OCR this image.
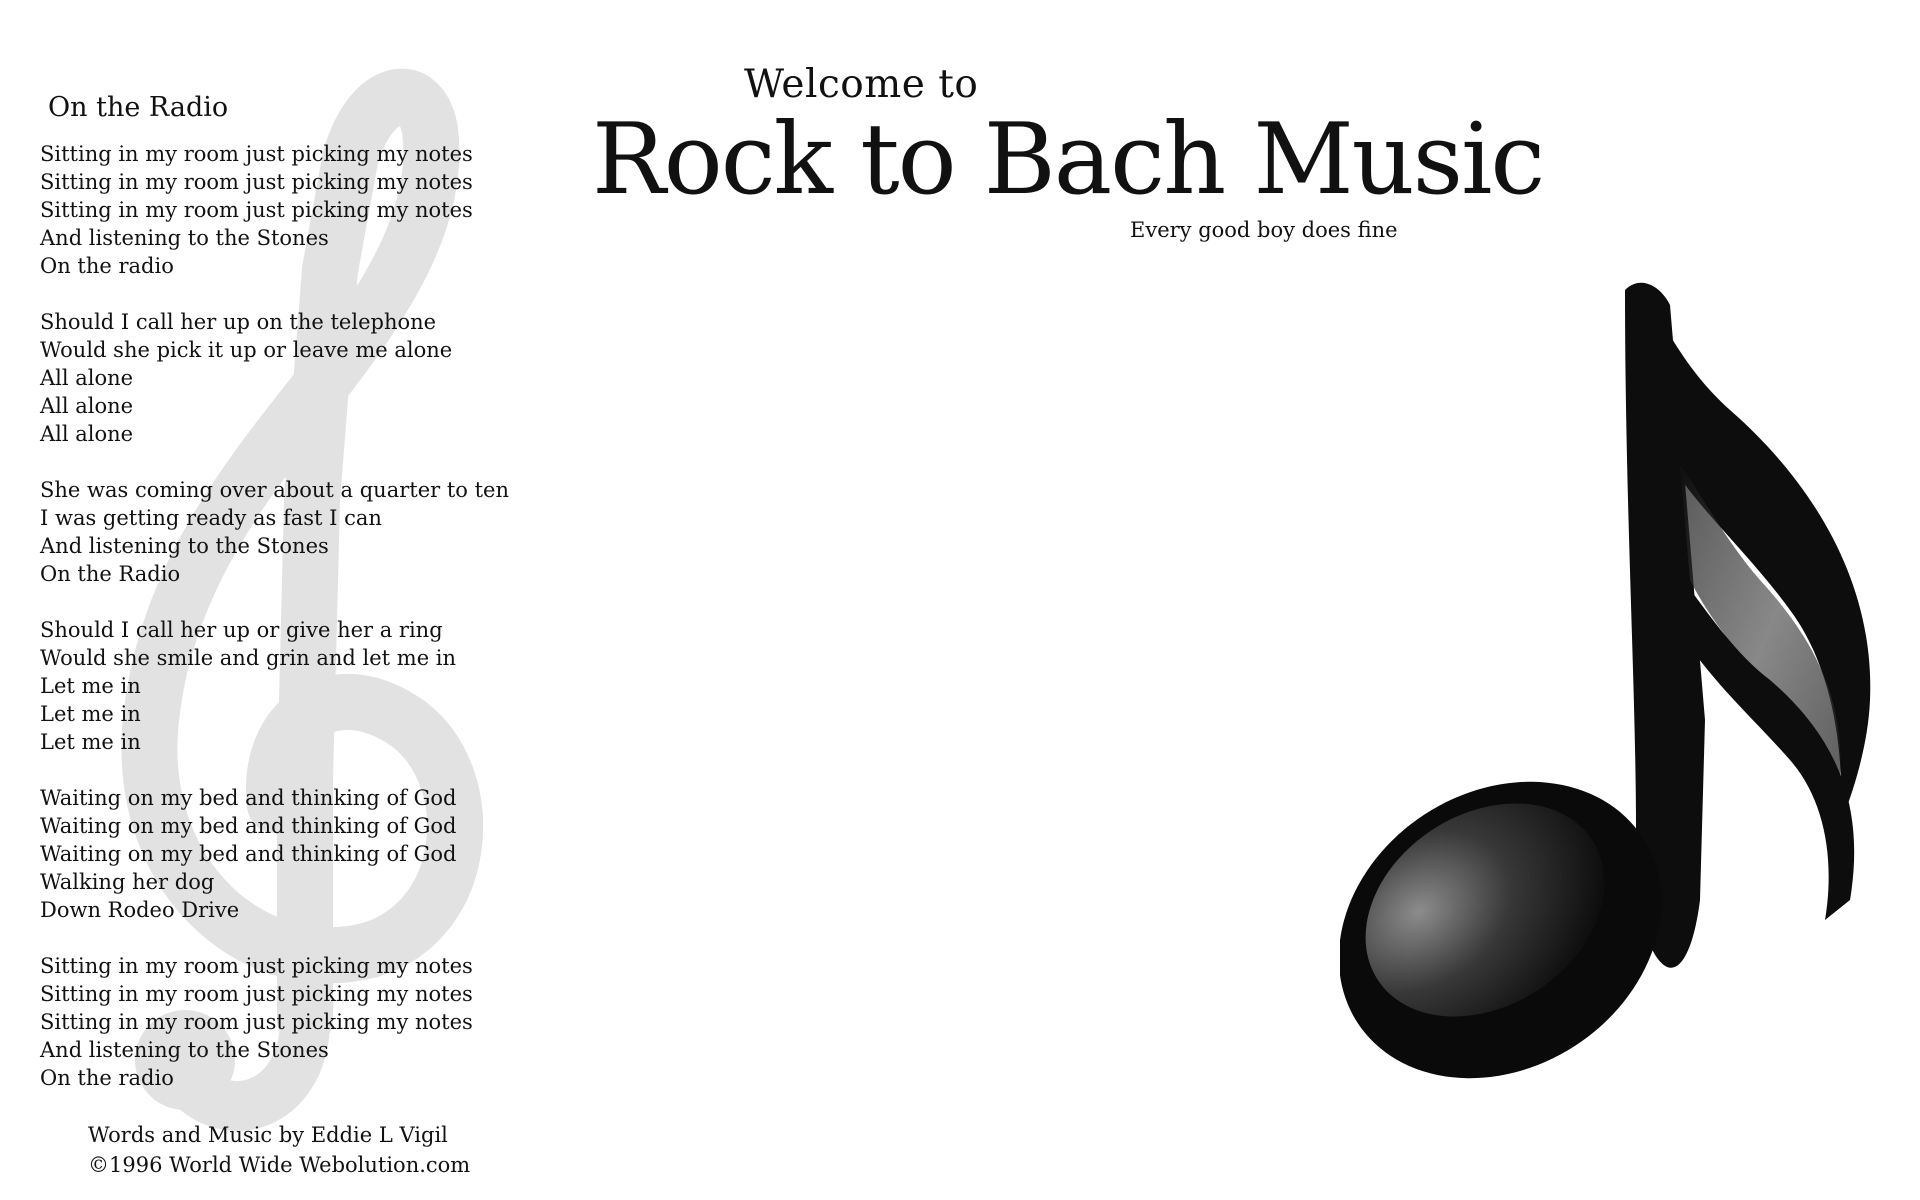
Welcome to
Rock to Bach Music
Every good boy does fine
On the Radio
Sitting in my room just picking my notes
Sitting in my room just picking my notes
Sitting in my room just picking my notes
And listening to the Stones
On the radio
Should I call her up on the telephone
Would she pick it up or leave me alone
All alone
All alone
All alone
She was coming over about a quarter to ten
I was getting ready as fast I can
And listening to the Stones
On the Radio
Should I call her up or give her a ring
Would she smile and grin and let me in
Let me in
Let me in
Let me in
Waiting on my bed and thinking of God
Waiting on my bed and thinking of God
Waiting on my bed and thinking of God
Walking her dog
Down Rodeo Drive
Sitting in my room just picking my notes
Sitting in my room just picking my notes
Sitting in my room just picking my notes
And listening to the Stones
On the radio
Words and Music by Eddie L Vigil
©1996 World Wide Webolution.com
